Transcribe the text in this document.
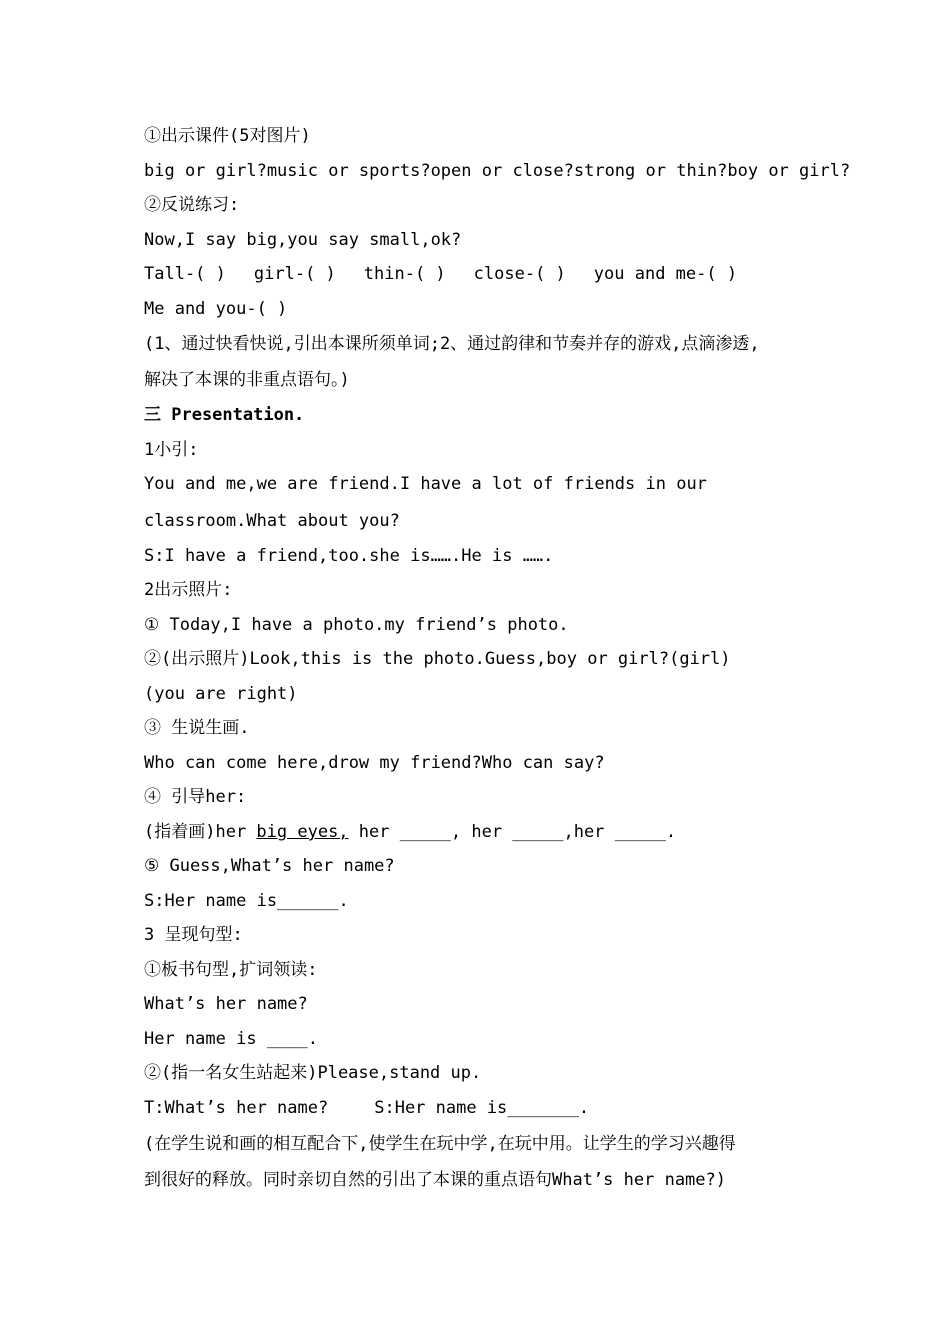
①出示课件(5对图片)
big or girl?music or sports?open or close?strong or thin?boy or girl?
②反说练习:
Now,I say big,you say small,ok?
Tall-( ) girl-( ) thin-( ) close-( ) you and me-( )
Me and you-( )
(1、通过快看快说,引出本课所须单词;2、通过韵律和节奏并存的游戏,点滴渗透,
解决了本课的非重点语句。)
三 Presentation.
1小引:
You and me,we are friend.I have a lot of friends in our
classroom.What about you?
S:I have a friend,too.she is…….He is …….
2出示照片:
① Today,I have a photo.my friend’s photo.
②(出示照片)Look,this is the photo.Guess,boy or girl?(girl)
(you are right)
③ 生说生画.
Who can come here,drow my friend?Who can say?
④ 引导her:
(指着画)her big eyes, her _____, her _____,her _____.
⑤ Guess,What’s her name?
S:Her name is______.
3 呈现句型:
①板书句型,扩词领读:
What’s her name?
Her name is ____.
②(指一名女生站起来)Please,stand up.
T:What’s her name?	S:Her name is_______.
(在学生说和画的相互配合下,使学生在玩中学,在玩中用。让学生的学习兴趣得
到很好的释放。同时亲切自然的引出了本课的重点语句What’s her name?)
